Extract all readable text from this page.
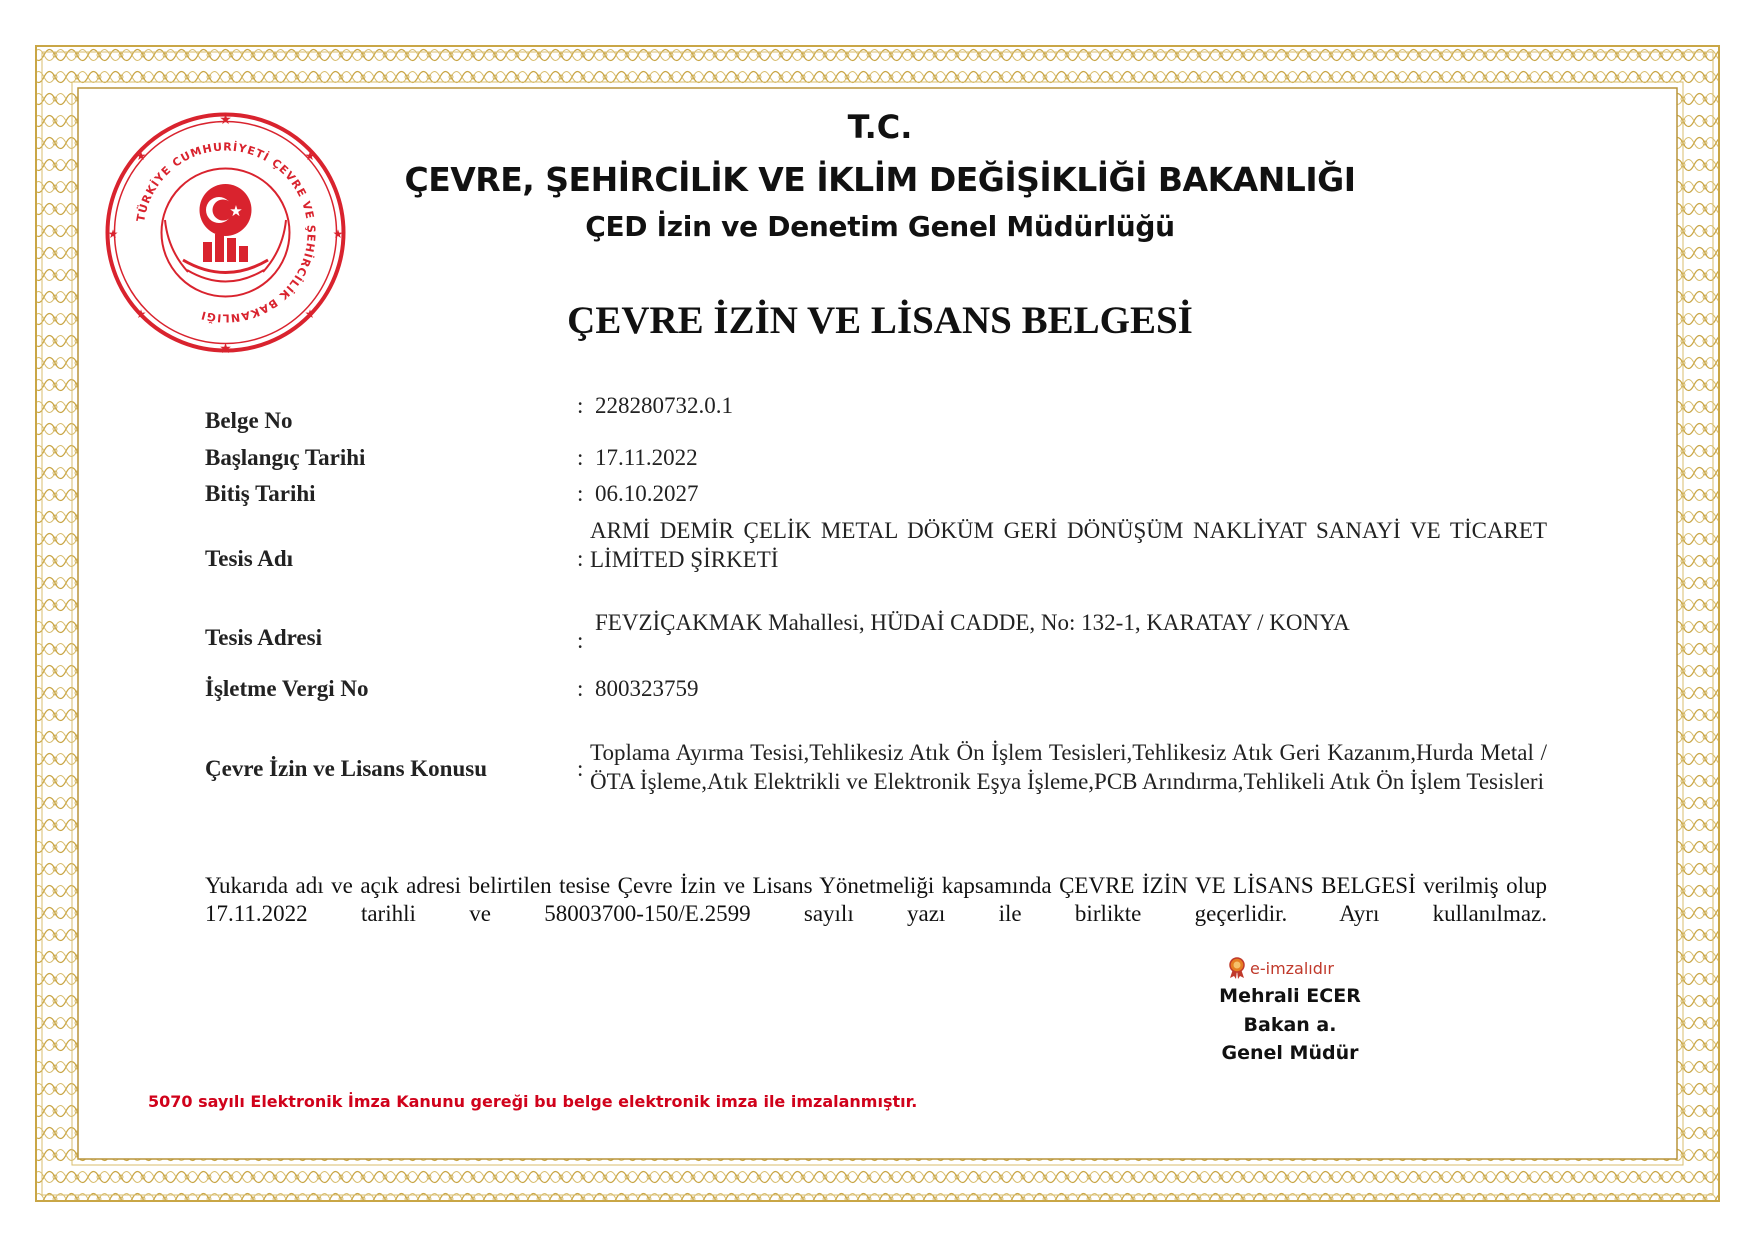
★
★	★
★	★
★	★
★
TÜRKİYE CUMHURİYETİ ÇEVRE VE ŞEHİRCİLİK BAKANLIĞI
★
T.C.
ÇEVRE, ŞEHİRCİLİK VE İKLİM DEĞİŞİKLİĞİ BAKANLIĞI
ÇED İzin ve Denetim Genel Müdürlüğü
ÇEVRE İZİN VE LİSANS BELGESİ
Belge No
: 228280732.0.1
Başlangıç Tarihi	: 17.11.2022
Bitiş Tarihi	: 06.10.2027
Tesis Adı	:
ARMİ DEMİR ÇELİK METAL DÖKÜM GERİ DÖNÜŞÜM NAKLİYAT SANAYİ VE TİCARET LİMİTED ŞİRKETİ
Tesis Adresi	:
FEVZİÇAKMAK Mahallesi, HÜDAİ CADDE, No: 132-1, KARATAY / KONYA
İşletme Vergi No	: 800323759
Çevre İzin ve Lisans Konusu	:
Toplama Ayırma Tesisi,Tehlikesiz Atık Ön İşlem Tesisleri,Tehlikesiz Atık Geri Kazanım,Hurda Metal /ÖTA İşleme,Atık Elektrikli ve Elektronik Eşya İşleme,PCB Arındırma,Tehlikeli Atık Ön İşlem Tesisleri
Yukarıda adı ve açık adresi belirtilen tesise Çevre İzin ve Lisans Yönetmeliği kapsamında ÇEVRE İZİN VE LİSANS BELGESİ verilmiş olup 17.11.2022 tarihli ve 58003700-150/E.2599 sayılı yazı ile birlikte geçerlidir. Ayrı kullanılmaz.
e-imzalıdır
Mehrali ECER
Bakan a.
Genel Müdür
5070 sayılı Elektronik İmza Kanunu gereği bu belge elektronik imza ile imzalanmıştır.
